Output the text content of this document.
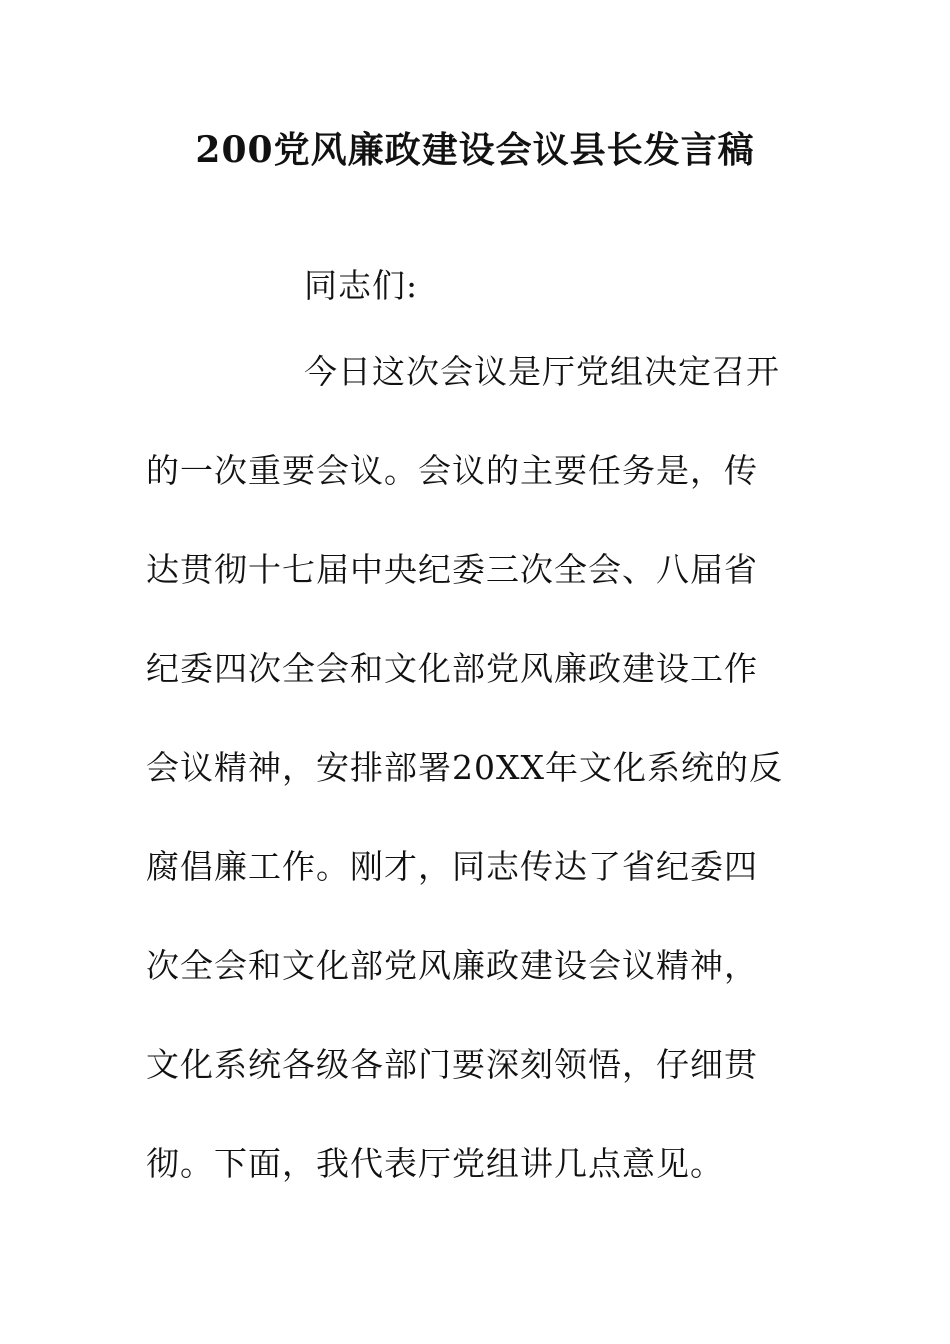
200党风廉政建设会议县长发言稿
同志们:
今日这次会议是厅党组决定召开
的一次重要会议。会议的主要任务是，传
达贯彻十七届中央纪委三次全会、八届省
纪委四次全会和文化部党风廉政建设工作
会议精神，安排部署20XX年文化系统的反
腐倡廉工作。刚才，同志传达了省纪委四
次全会和文化部党风廉政建设会议精神，
文化系统各级各部门要深刻领悟，仔细贯
彻。下面，我代表厅党组讲几点意见。
